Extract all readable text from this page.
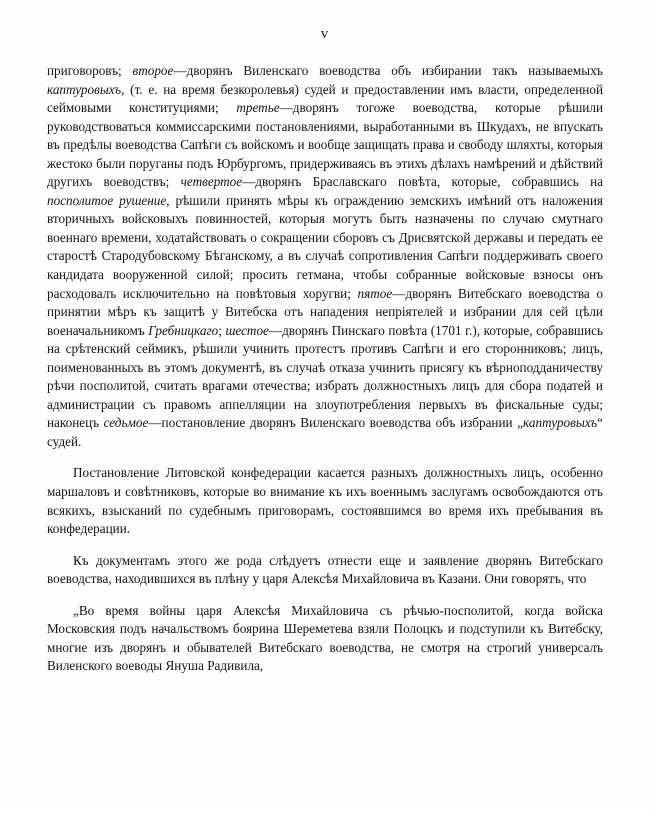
v

приговоровъ; второе—дворянъ Виленскаго воеводства объ избирании такъ называемыхъ каптуровыхъ, (т. е. на время безкоролевья) судей и предоставлении имъ власти, определенной сеймовыми конституциями; третье—дворянъ тогоже воеводства, которые рѣшили руководствоваться коммиссарскими постановлениями, выработанными въ Шкудахъ, не впускать въ предѣлы воеводства Сапѣги съ войскомъ и вообще защищать права и свободу шляхты, которыя жестоко были поруганы подъ Юрбургомъ, придерживаясь въ этихъ дѣлахъ намѣрений и дѣйствий другихъ воеводствъ; четвертое—дворянъ Браславскаго повѣта, которые, собравшись на посполитое рушение, рѣшили принять мѣры къ ограждению земскихъ имѣний отъ наложения вторичныхъ войсковыхъ повинностей, которыя могутъ быть назначены по случаю смутнаго военнаго времени, ходатайствовать о сокращении сборовъ съ Дрисвятской державы и передать ее старостѣ Стародубовскому Бѣганскому, а въ случаѣ сопротивления Сапѣги поддерживать своего кандидата вооруженной силой; просить гетмана, чтобы собранные войсковые взносы онъ расходовалъ исключительно на повѣтовыя хоругви; пятое—дворянъ Витебскаго воеводства о принятии мѣръ къ защитѣ у Витебска отъ нападения непрiятелей и избрании для сей цѣли военачальникомъ Гребницкаго; шестое—дворянъ Пинскаго повѣта (1701 г.), которые, собравшись на срѣтенский сеймикъ, рѣшили учинить протестъ противъ Сапѣги и его сторонниковъ; лицъ, поименованныхъ въ этомъ документѣ, въ случаѣ отказа учинить присягу къ вѣрноподданичеству рѣчи посполитой, считать врагами отечества; избрать должностныхъ лицъ для сбора податей и администрации съ правомъ аппелляции на злоупотребления первыхъ въ фискальные суды; наконецъ седьмое—постановление дворянъ Виленскаго воеводства объ избрании „каптуровыхъ“ судей.

Постановление Литовской конфедерации касается разныхъ должностныхъ лицъ, особенно маршаловъ и совѣтниковъ, которые во внимание къ ихъ военнымъ заслугамъ освобождаются отъ всякихъ, взысканий по судебнымъ приговорамъ, состоявшимся во время ихъ пребывания въ конфедерации.

Къ документамъ этого же рода слѣдуетъ отнести еще и заявление дворянъ Витебскаго воеводства, находившихся въ плѣну у царя Алексѣя Михайловича въ Казани. Они говорятъ, что

„Во время войны царя Алексѣя Михайловича съ рѣчью-посполитой, когда войска Московския подъ начальствомъ боярина Шереметева взяли Полоцкъ и подступили къ Витебску, многие изъ дворянъ и обывателей Витебскаго воеводства, не смотря на строгий универсалъ Виленского воеводы Януша Радивила,
